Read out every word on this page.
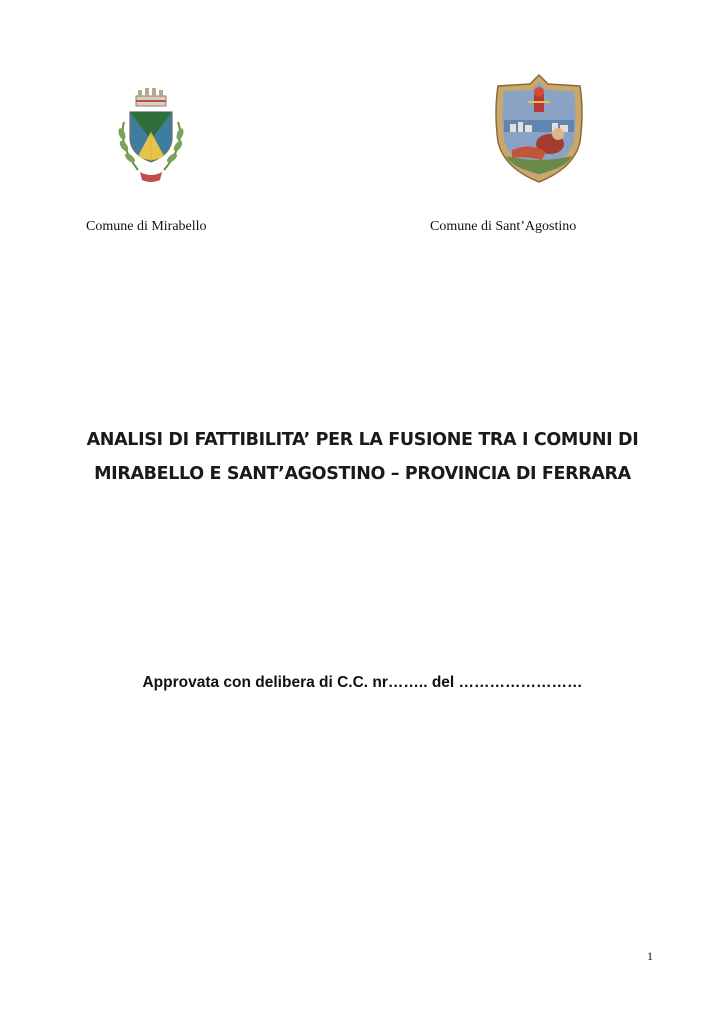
Comune di Mirabello	Comune di Sant’Agostino
ANALISI DI FATTIBILITA’ PER LA FUSIONE TRA I COMUNI DI
MIRABELLO E SANT’AGOSTINO – PROVINCIA DI FERRARA
Approvata con delibera di C.C. nr…….. del ……………………
1
